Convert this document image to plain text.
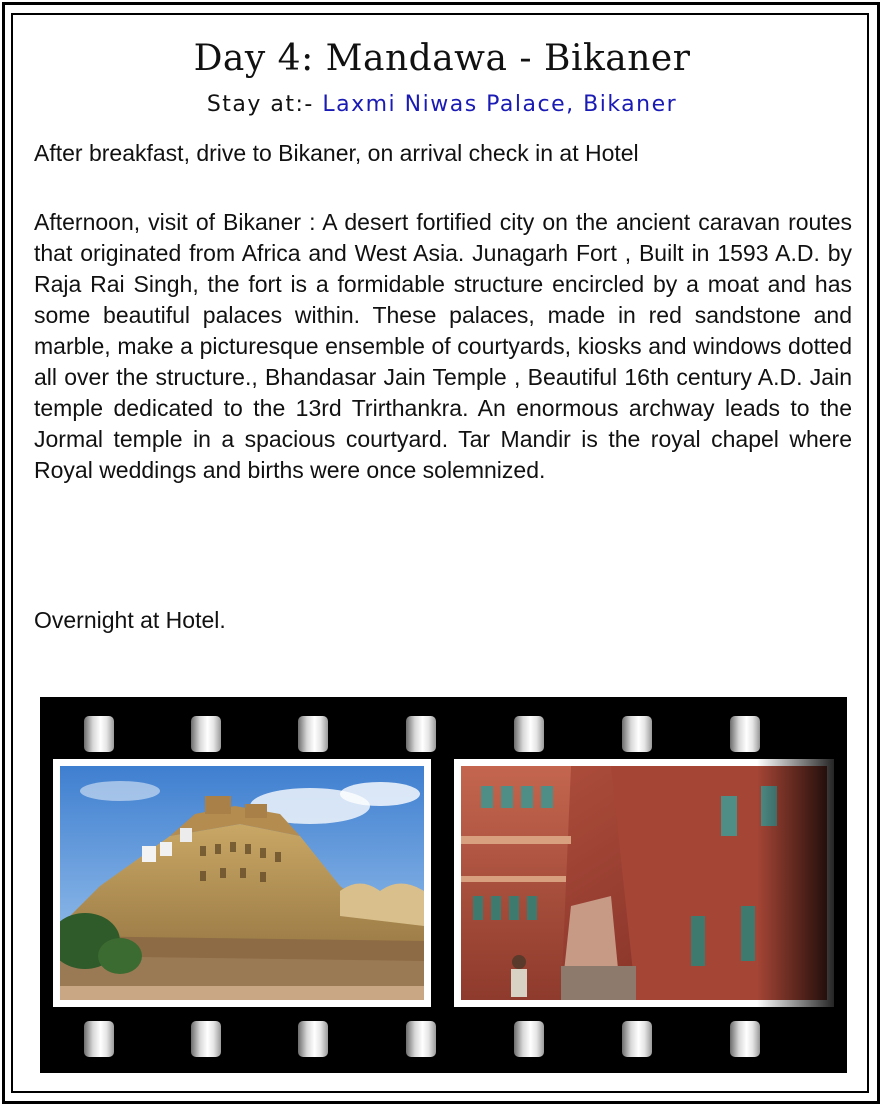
Day 4: Mandawa - Bikaner
Stay at:- Laxmi Niwas Palace, Bikaner
After breakfast, drive to Bikaner, on arrival check in at Hotel
Afternoon, visit of Bikaner : A desert fortified city on the ancient caravan routes that originated from Africa and West Asia. Junagarh Fort , Built in 1593 A.D. by Raja Rai Singh, the fort is a formidable structure encircled by a moat and has some beautiful palaces within. These palaces, made in red sandstone and marble, make a picturesque ensemble of courtyards, kiosks and windows dotted all over the structure., Bhandasar Jain Temple , Beautiful 16th century A.D. Jain temple dedicated to the 13rd Trirthankra. An enormous archway leads to the Jormal temple in a spacious courtyard. Tar Mandir is the royal chapel where Royal weddings and births were once solemnized.
Overnight at Hotel.
